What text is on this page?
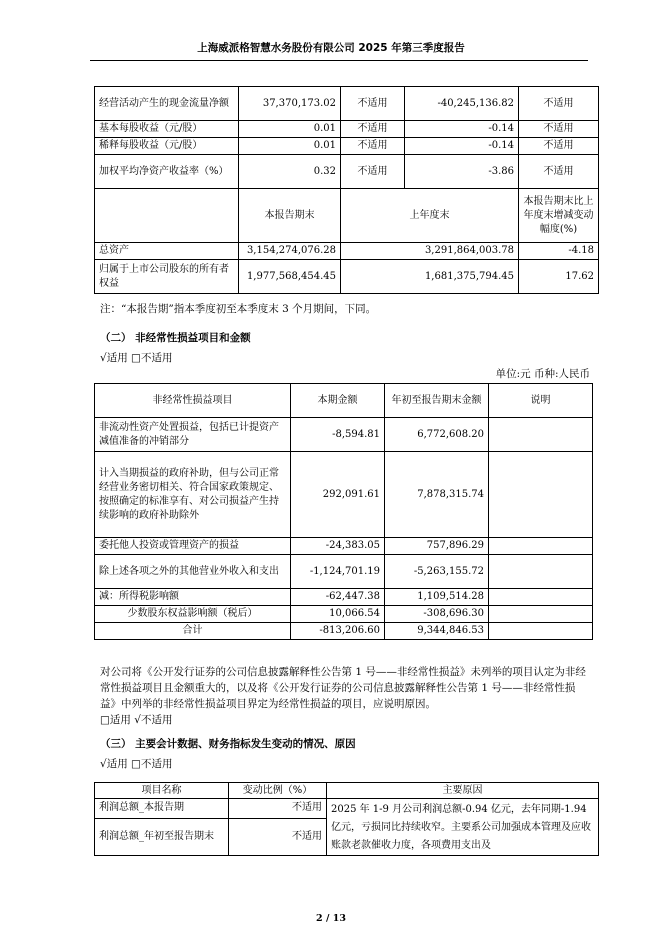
上海威派格智慧水务股份有限公司 2025 年第三季度报告
经营活动产生的现金流量净额	37,370,173.02	不适用	-40,245,136.82	不适用
基本每股收益（元/股）	0.01	不适用	-0.14	不适用
稀释每股收益（元/股）	0.01	不适用	-0.14	不适用
加权平均净资产收益率（%）	0.32	不适用	-3.86	不适用
	本报告期末	上年度末		本报告期末比上年度末增减变动幅度(%)
总资产	3,154,274,076.28	3,291,864,003.78		-4.18
归属于上市公司股东的所有者权益	1,977,568,454.45	1,681,375,794.45		17.62
注：“本报告期”指本季度初至本季度末 3 个月期间，下同。
（二） 非经常性损益项目和金额
√适用 □不适用
单位:元 币种:人民币
非经常性损益项目	本期金额	年初至报告期末金额	说明
非流动性资产处置损益，包括已计提资产减值准备的冲销部分	-8,594.81	6,772,608.20	
计入当期损益的政府补助，但与公司正常经营业务密切相关、符合国家政策规定、按照确定的标准享有、对公司损益产生持续影响的政府补助除外	292,091.61	7,878,315.74	
委托他人投资或管理资产的损益	-24,383.05	757,896.29	
除上述各项之外的其他营业外收入和支出	-1,124,701.19	-5,263,155.72	
减：所得税影响额	-62,447.38	1,109,514.28	
少数股东权益影响额（税后）	10,066.54	-308,696.30	
合计	-813,206.60	9,344,846.53	
对公司将《公开发行证券的公司信息披露解释性公告第 1 号——非经常性损益》未列举的项目认定为非经常性损益项目且金额重大的，以及将《公开发行证券的公司信息披露解释性公告第 1 号——非经常性损益》中列举的非经常性损益项目界定为经常性损益的项目，应说明原因。
□适用 √不适用
（三） 主要会计数据、财务指标发生变动的情况、原因
√适用 □不适用
项目名称	变动比例（%）	主要原因
利润总额_本报告期	不适用	2025 年 1-9 月公司利润总额-0.94 亿元，去年同期-1.94 亿元，亏损同比持续收窄。主要系公司加强成本管理及应收账款老款催收力度，各项费用支出及
利润总额_年初至报告期末	不适用	
2 / 13
